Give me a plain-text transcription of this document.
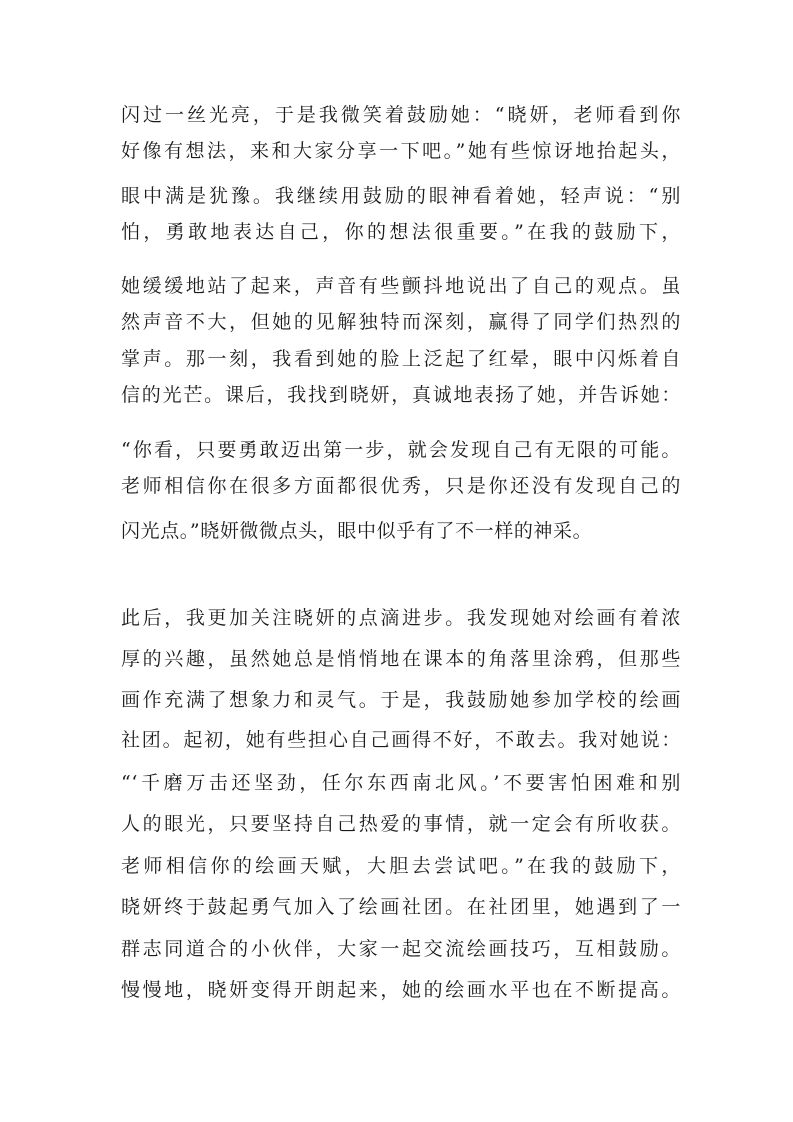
闪过一丝光亮，于是我微笑着鼓励她：“晓妍，老师看到你
好像有想法，来和大家分享一下吧。”她有些惊讶地抬起头，
眼中满是犹豫。我继续用鼓励的眼神看着她，轻声说：“别
怕，勇敢地表达自己，你的想法很重要。”在我的鼓励下，
她缓缓地站了起来，声音有些颤抖地说出了自己的观点。虽
然声音不大，但她的见解独特而深刻，赢得了同学们热烈的
掌声。那一刻，我看到她的脸上泛起了红晕，眼中闪烁着自
信的光芒。课后，我找到晓妍，真诚地表扬了她，并告诉她：
“你看，只要勇敢迈出第一步，就会发现自己有无限的可能。
老师相信你在很多方面都很优秀，只是你还没有发现自己的
闪光点。”晓妍微微点头，眼中似乎有了不一样的神采。
此后，我更加关注晓妍的点滴进步。我发现她对绘画有着浓
厚的兴趣，虽然她总是悄悄地在课本的角落里涂鸦，但那些
画作充满了想象力和灵气。于是，我鼓励她参加学校的绘画
社团。起初，她有些担心自己画得不好，不敢去。我对她说：
“‘千磨万击还坚劲，任尔东西南北风。’不要害怕困难和别
人的眼光，只要坚持自己热爱的事情，就一定会有所收获。
老师相信你的绘画天赋，大胆去尝试吧。”在我的鼓励下，
晓妍终于鼓起勇气加入了绘画社团。在社团里，她遇到了一
群志同道合的小伙伴，大家一起交流绘画技巧，互相鼓励。
慢慢地，晓妍变得开朗起来，她的绘画水平也在不断提高。
